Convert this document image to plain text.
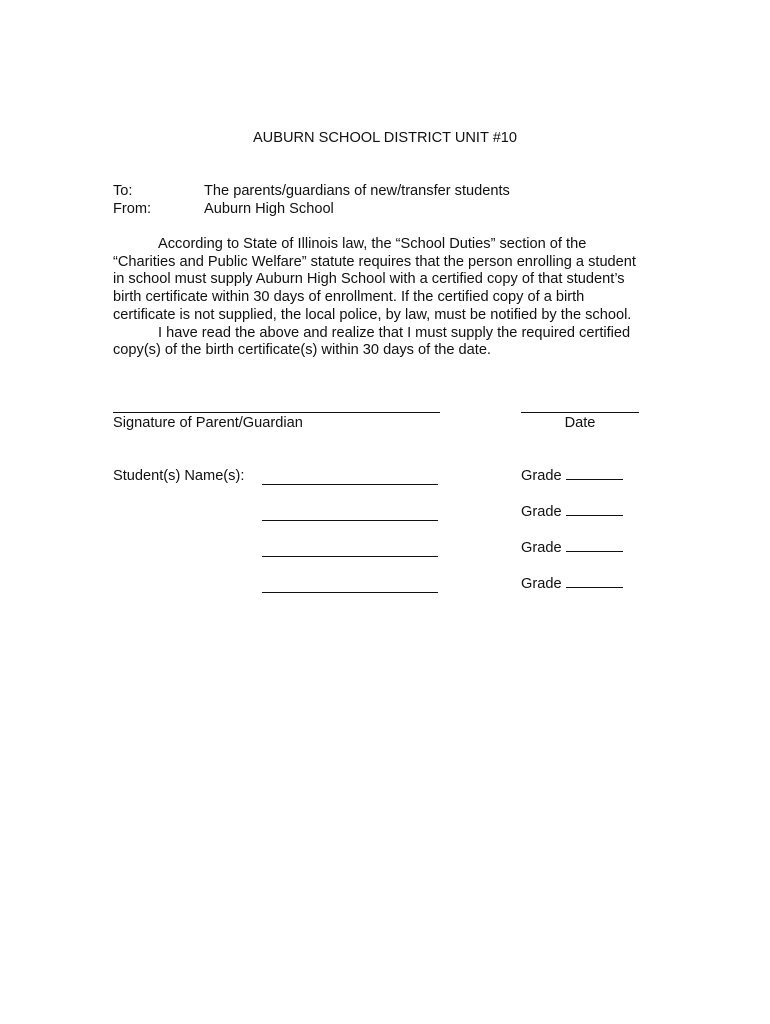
AUBURN SCHOOL DISTRICT UNIT #10
To:	The parents/guardians of new/transfer students
From:	Auburn High School
According to State of Illinois law, the “School Duties” section of the
“Charities and Public Welfare” statute requires that the person enrolling a student
in school must supply Auburn High School with a certified copy of that student’s
birth certificate within 30 days of enrollment. If the certified copy of a birth
certificate is not supplied, the local police, by law, must be notified by the school.
I have read the above and realize that I must supply the required certified
copy(s) of the birth certificate(s) within 30 days of the date.
Signature of Parent/Guardian	Date
Student(s) Name(s):	Grade
Grade
Grade
Grade
